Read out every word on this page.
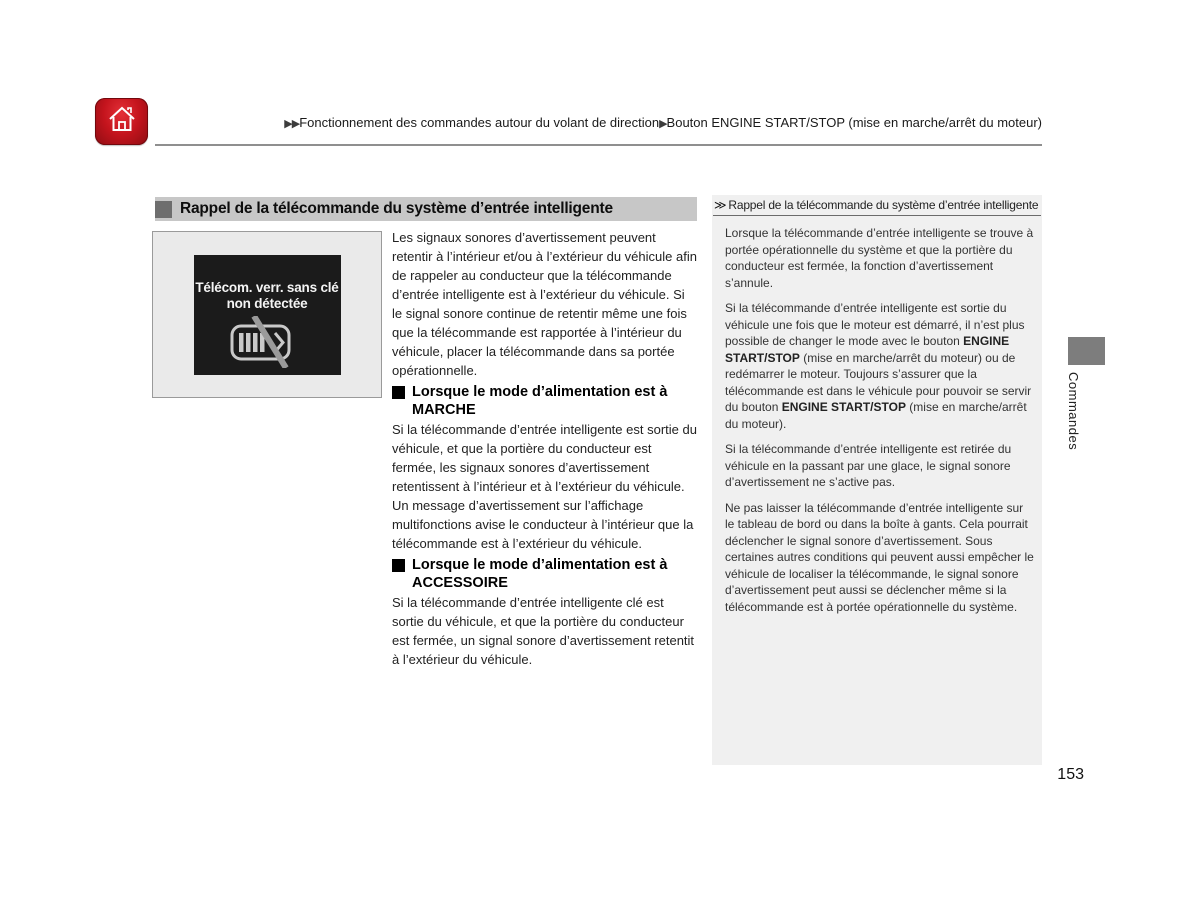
▶▶Fonctionnement des commandes autour du volant de direction▶Bouton ENGINE START/STOP (mise en marche/arrêt du moteur)
Rappel de la télécommande du système d’entrée intelligente
Télécom. verr. sans clé
non détectée
Les signaux sonores d’avertissement peuvent retentir à l’intérieur et/ou à l’extérieur du véhicule afin de rappeler au conducteur que la télécommande d’entrée intelligente est à l’extérieur du véhicule. Si le signal sonore continue de retentir même une fois que la télécommande est rapportée à l’intérieur du véhicule, placer la télécommande dans sa portée opérationnelle.
Lorsque le mode d’alimentation est à
MARCHE
Si la télécommande d’entrée intelligente est sortie du véhicule, et que la portière du conducteur est fermée, les signaux sonores d’avertissement retentissent à l’intérieur et à l’extérieur du véhicule. Un message d’avertissement sur l’affichage multifonctions avise le conducteur à l’intérieur que la télécommande est à l’extérieur du véhicule.
Lorsque le mode d’alimentation est à
ACCESSOIRE
Si la télécommande d’entrée intelligente clé est sortie du véhicule, et que la portière du conducteur est fermée, un signal sonore d’avertissement retentit à l’extérieur du véhicule.
≫ Rappel de la télécommande du système d’entrée intelligente

Lorsque la télécommande d’entrée intelligente se trouve à portée opérationnelle du système et que la portière du conducteur est fermée, la fonction d’avertissement s’annule.

Si la télécommande d’entrée intelligente est sortie du véhicule une fois que le moteur est démarré, il n’est plus possible de changer le mode avec le bouton ENGINE START/STOP (mise en marche/arrêt du moteur) ou de redémarrer le moteur. Toujours s’assurer que la télécommande est dans le véhicule pour pouvoir se servir du bouton ENGINE START/STOP (mise en marche/arrêt du moteur).

Si la télécommande d’entrée intelligente est retirée du véhicule en la passant par une glace, le signal sonore d’avertissement ne s’active pas.

Ne pas laisser la télécommande d’entrée intelligente sur le tableau de bord ou dans la boîte à gants. Cela pourrait déclencher le signal sonore d’avertissement. Sous certaines autres conditions qui peuvent aussi empêcher le véhicule de localiser la télécommande, le signal sonore d’avertissement peut aussi se déclencher même si la télécommande est à portée opérationnelle du système.

Commandes
153
